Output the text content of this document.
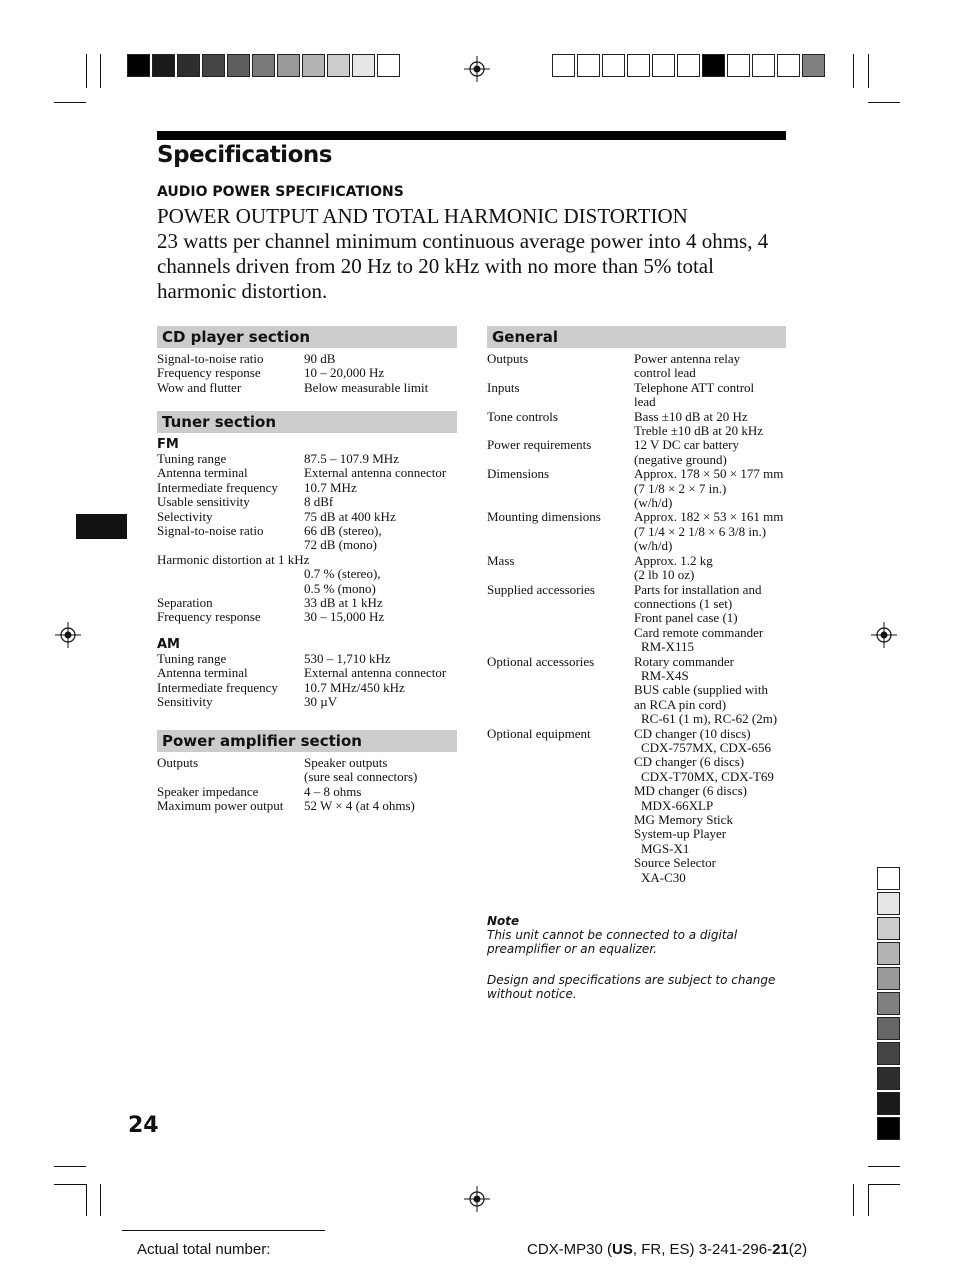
Specifications
AUDIO POWER SPECIFICATIONS
POWER OUTPUT AND TOTAL HARMONIC DISTORTION
23 watts per channel minimum continuous average power into 4 ohms, 4 channels driven from 20 Hz to 20 kHz with no more than 5% total harmonic distortion.
CD player section
Signal-to-noise ratio	90 dB
Frequency response	10 – 20,000 Hz
Wow and flutter	Below measurable limit
Tuner section
FM
Tuning range	87.5 – 107.9 MHz
Antenna terminal	External antenna connector
Intermediate frequency	10.7 MHz
Usable sensitivity	8 dBf
Selectivity	75 dB at 400 kHz
Signal-to-noise ratio	66 dB (stereo),
72 dB (mono)
Harmonic distortion at 1 kHz
0.7 % (stereo),
0.5 % (mono)
Separation	33 dB at 1 kHz
Frequency response	30 – 15,000 Hz
AM
Tuning range	530 – 1,710 kHz
Antenna terminal	External antenna connector
Intermediate frequency	10.7 MHz/450 kHz
Sensitivity	30 µV
Power amplifier section
Outputs	Speaker outputs
(sure seal connectors)
Speaker impedance	4 – 8 ohms
Maximum power output	52 W × 4 (at 4 ohms)
General
Outputs	Power antenna relay
control lead
Inputs	Telephone ATT control
lead
Tone controls	Bass ±10 dB at 20 Hz
Treble ±10 dB at 20 kHz
Power requirements	12 V DC car battery
(negative ground)
Dimensions	Approx. 178 × 50 × 177 mm
(7 1/8 × 2 × 7 in.)
(w/h/d)
Mounting dimensions	Approx. 182 × 53 × 161 mm
(7 1/4 × 2 1/8 × 6 3/8 in.)
(w/h/d)
Mass	Approx. 1.2 kg
(2 lb 10 oz)
Supplied accessories	Parts for installation and
connections (1 set)
Front panel case (1)
Card remote commander
RM-X115
Optional accessories	Rotary commander
RM-X4S
BUS cable (supplied with
an RCA pin cord)
RC-61 (1 m), RC-62 (2m)
Optional equipment	CD changer (10 discs)
CDX-757MX, CDX-656
CD changer (6 discs)
CDX-T70MX, CDX-T69
MD changer (6 discs)
MDX-66XLP
MG Memory Stick
System-up Player
MGS-X1
Source Selector
XA-C30
Note
This unit cannot be connected to a digital preamplifier or an equalizer.
Design and specifications are subject to change without notice.
24
Actual total number:	CDX-MP30 (US, FR, ES) 3-241-296-21(2)
